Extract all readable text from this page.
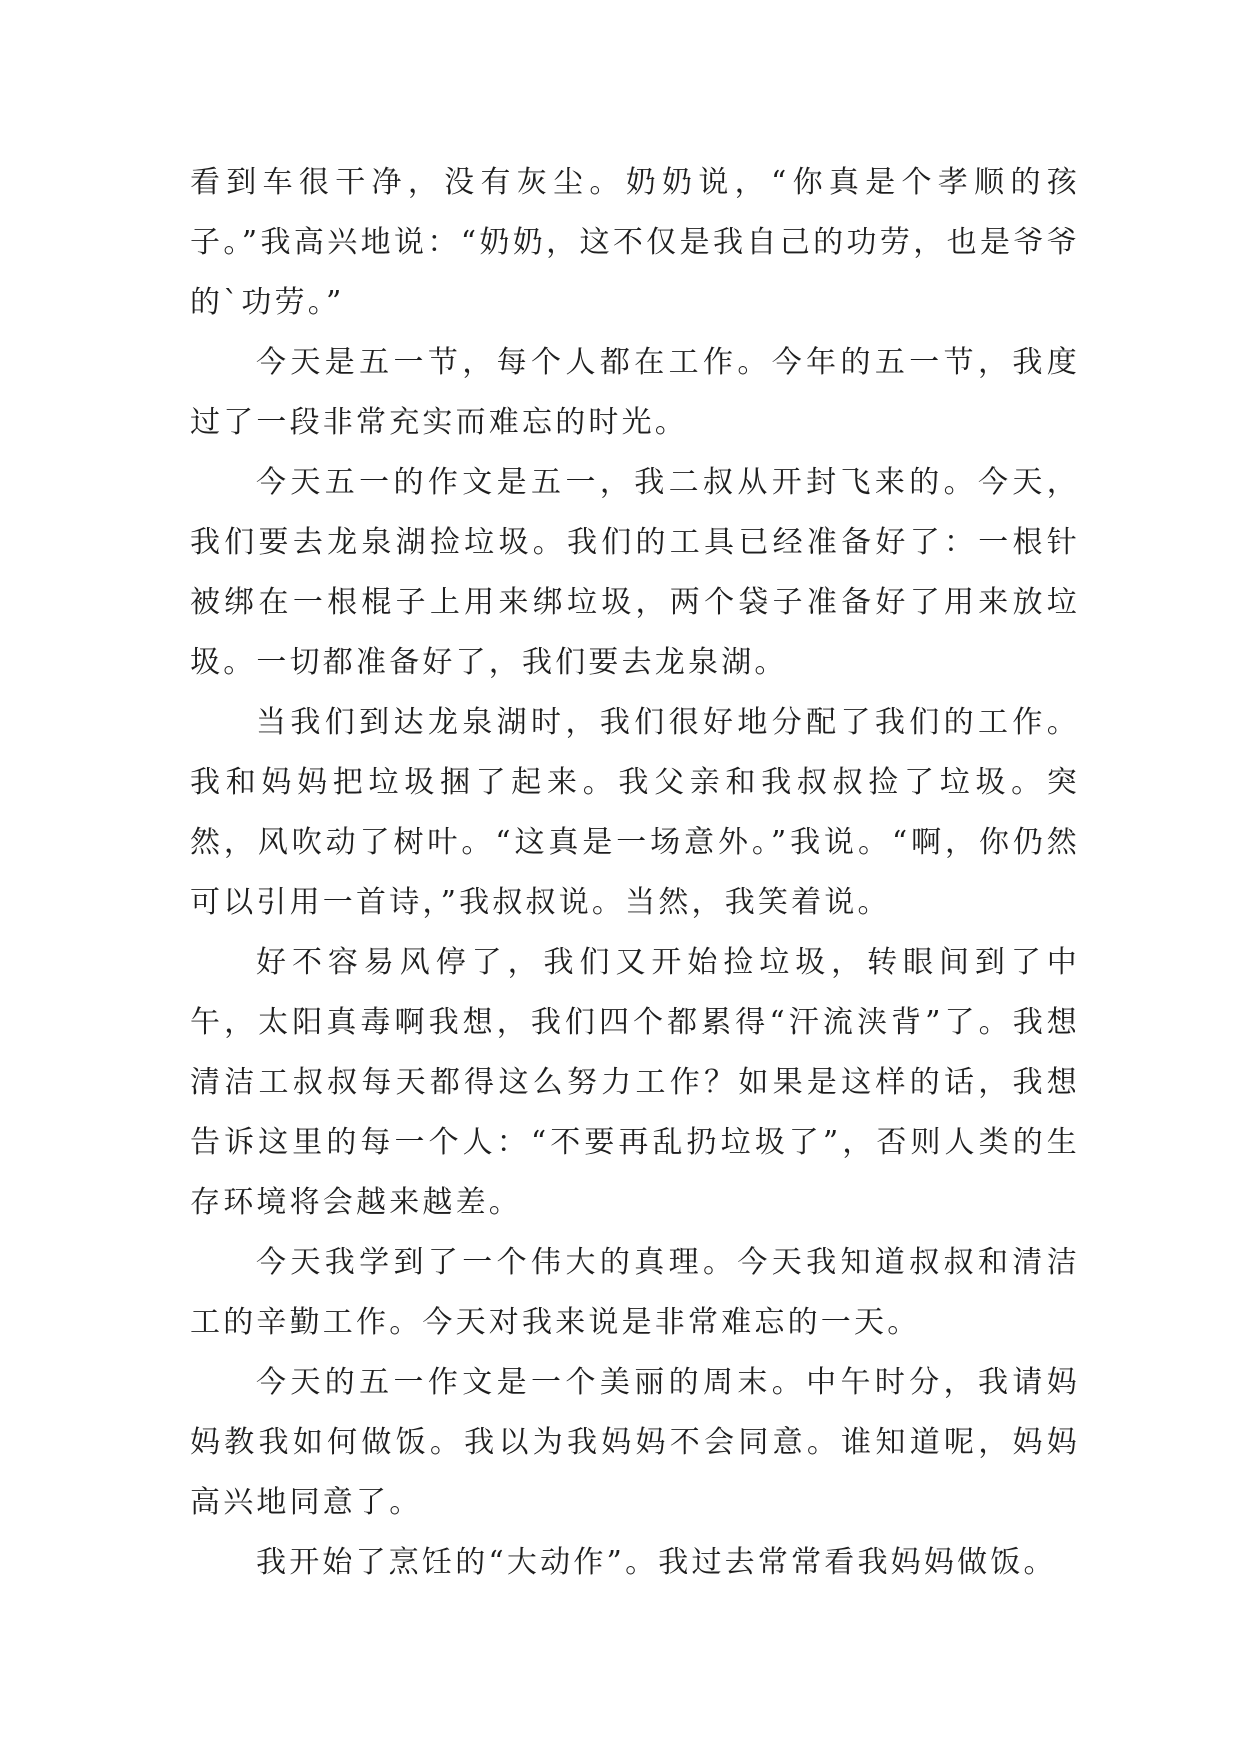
看到车很干净，没有灰尘。奶奶说，“你真是个孝顺的孩子。”我高兴地说：“奶奶，这不仅是我自己的功劳，也是爷爷的`功劳。”

今天是五一节，每个人都在工作。今年的五一节，我度过了一段非常充实而难忘的时光。

今天五一的作文是五一，我二叔从开封飞来的。今天，我们要去龙泉湖捡垃圾。我们的工具已经准备好了：一根针被绑在一根棍子上用来绑垃圾，两个袋子准备好了用来放垃圾。一切都准备好了，我们要去龙泉湖。

当我们到达龙泉湖时，我们很好地分配了我们的工作。我和妈妈把垃圾捆了起来。我父亲和我叔叔捡了垃圾。突然，风吹动了树叶。“这真是一场意外。”我说。“啊，你仍然可以引用一首诗，”我叔叔说。当然，我笑着说。

好不容易风停了，我们又开始捡垃圾，转眼间到了中午，太阳真毒啊我想，我们四个都累得“汗流浃背”了。我想清洁工叔叔每天都得这么努力工作？如果是这样的话，我想告诉这里的每一个人：“不要再乱扔垃圾了”，否则人类的生存环境将会越来越差。

今天我学到了一个伟大的真理。今天我知道叔叔和清洁工的辛勤工作。今天对我来说是非常难忘的一天。

今天的五一作文是一个美丽的周末。中午时分，我请妈妈教我如何做饭。我以为我妈妈不会同意。谁知道呢，妈妈高兴地同意了。

我开始了烹饪的“大动作”。我过去常常看我妈妈做饭。
